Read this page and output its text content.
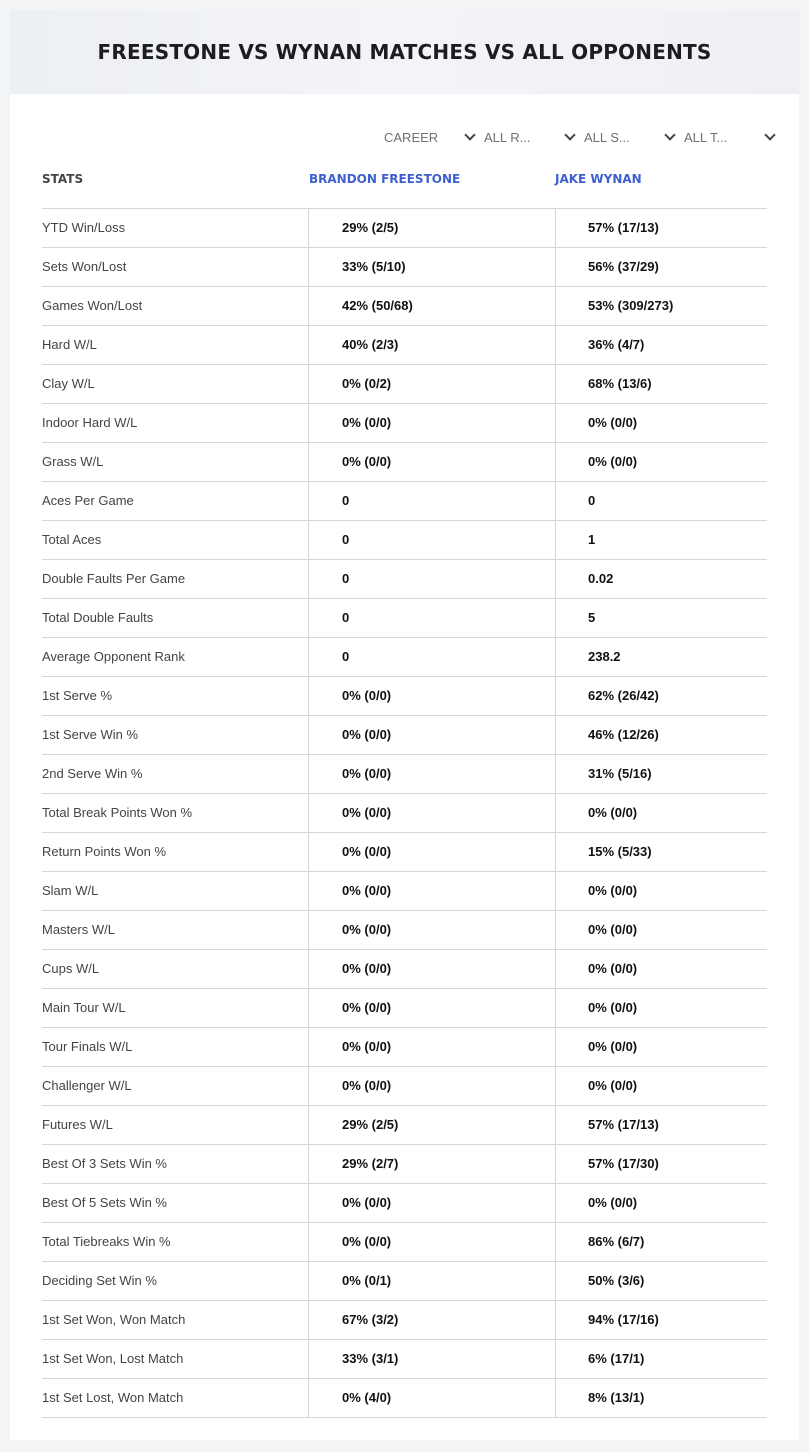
FREESTONE VS WYNAN MATCHES VS ALL OPPONENTS
CAREER	ALL R...	ALL S...	ALL T...
STATS	BRANDON FREESTONE	JAKE WYNAN
YTD Win/Loss	29% (2/5)	57% (17/13)
Sets Won/Lost	33% (5/10)	56% (37/29)
Games Won/Lost	42% (50/68)	53% (309/273)
Hard W/L	40% (2/3)	36% (4/7)
Clay W/L	0% (0/2)	68% (13/6)
Indoor Hard W/L	0% (0/0)	0% (0/0)
Grass W/L	0% (0/0)	0% (0/0)
Aces Per Game	0	0
Total Aces	0	1
Double Faults Per Game	0	0.02
Total Double Faults	0	5
Average Opponent Rank	0	238.2
1st Serve %	0% (0/0)	62% (26/42)
1st Serve Win %	0% (0/0)	46% (12/26)
2nd Serve Win %	0% (0/0)	31% (5/16)
Total Break Points Won %	0% (0/0)	0% (0/0)
Return Points Won %	0% (0/0)	15% (5/33)
Slam W/L	0% (0/0)	0% (0/0)
Masters W/L	0% (0/0)	0% (0/0)
Cups W/L	0% (0/0)	0% (0/0)
Main Tour W/L	0% (0/0)	0% (0/0)
Tour Finals W/L	0% (0/0)	0% (0/0)
Challenger W/L	0% (0/0)	0% (0/0)
Futures W/L	29% (2/5)	57% (17/13)
Best Of 3 Sets Win %	29% (2/7)	57% (17/30)
Best Of 5 Sets Win %	0% (0/0)	0% (0/0)
Total Tiebreaks Win %	0% (0/0)	86% (6/7)
Deciding Set Win %	0% (0/1)	50% (3/6)
1st Set Won, Won Match	67% (3/2)	94% (17/16)
1st Set Won, Lost Match	33% (3/1)	6% (17/1)
1st Set Lost, Won Match	0% (4/0)	8% (13/1)
